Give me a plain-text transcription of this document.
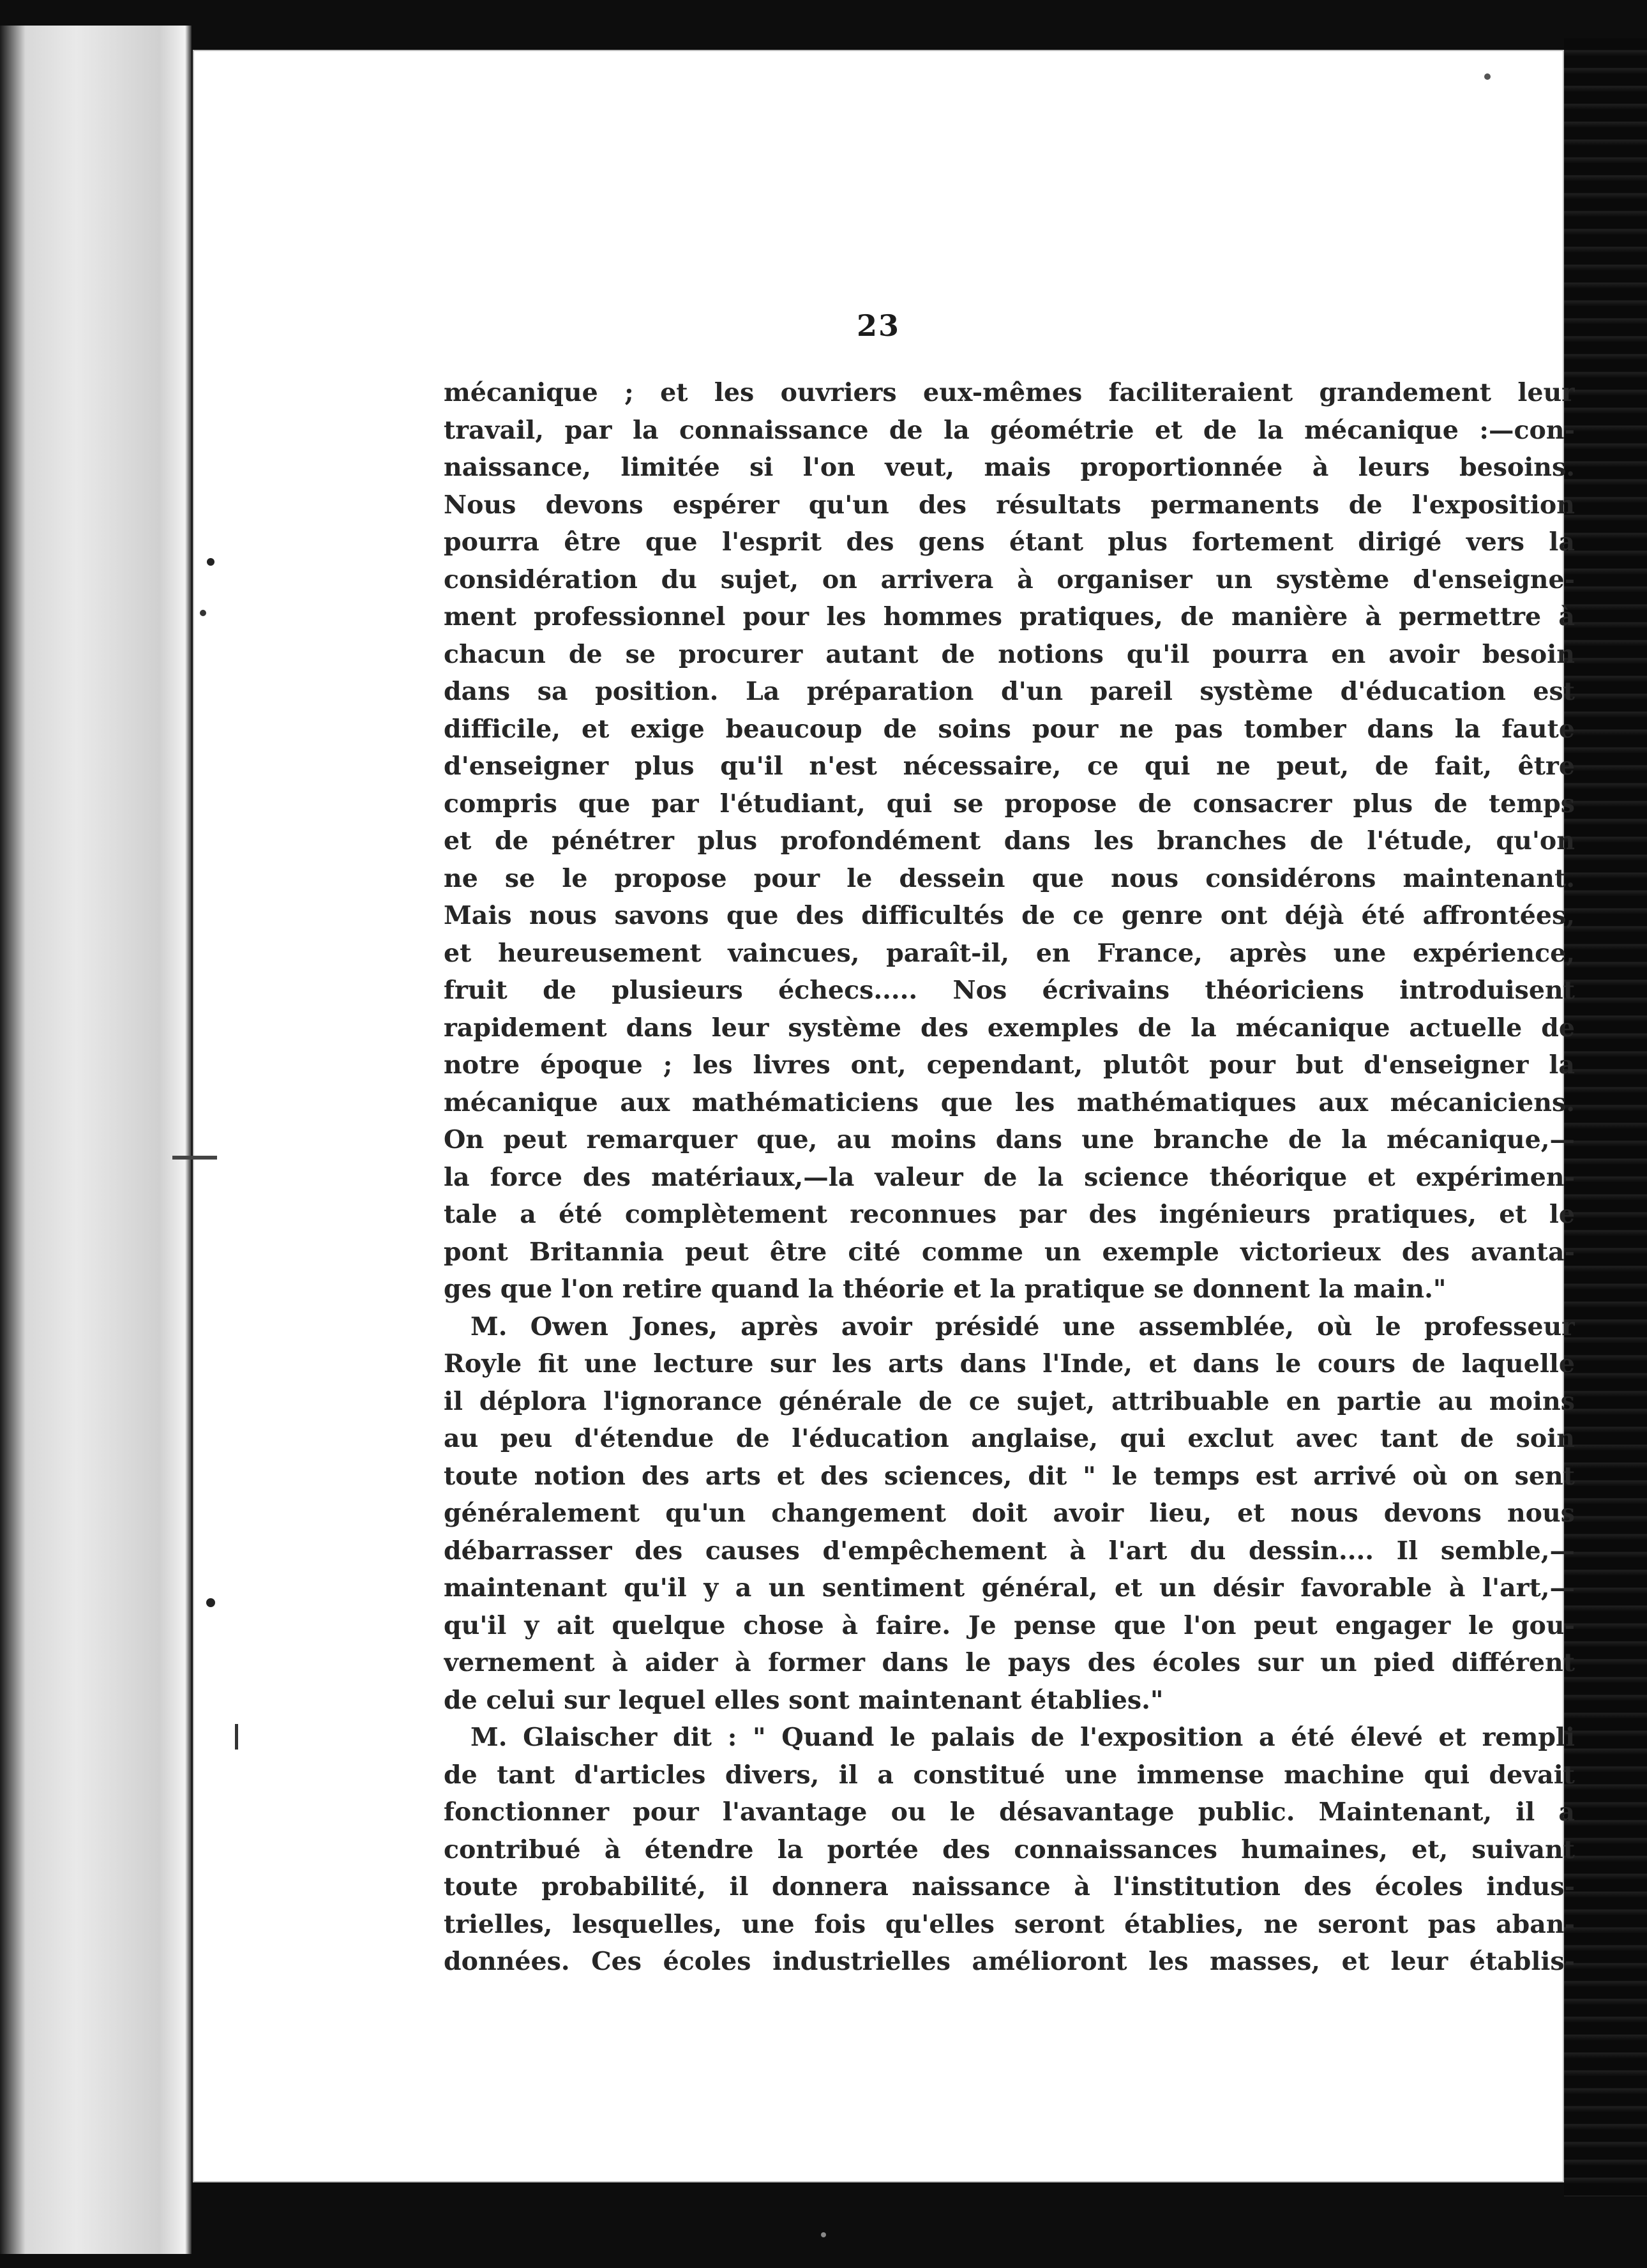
23
mécanique ; et les ouvriers eux-mêmes faciliteraient grandement leur
travail, par la connaissance de la géométrie et de la mécanique :—con-
naissance, limitée si l'on veut, mais proportionnée à leurs besoins.
Nous devons espérer qu'un des résultats permanents de l'exposition
pourra être que l'esprit des gens étant plus fortement dirigé vers la
considération du sujet, on arrivera à organiser un système d'enseigne-
ment professionnel pour les hommes pratiques, de manière à permettre à
chacun de se procurer autant de notions qu'il pourra en avoir besoin
dans sa position. La préparation d'un pareil système d'éducation est
difficile, et exige beaucoup de soins pour ne pas tomber dans la faute
d'enseigner plus qu'il n'est nécessaire, ce qui ne peut, de fait, être
compris que par l'étudiant, qui se propose de consacrer plus de temps
et de pénétrer plus profondément dans les branches de l'étude, qu'on
ne se le propose pour le dessein que nous considérons maintenant.
Mais nous savons que des difficultés de ce genre ont déjà été affrontées,
et heureusement vaincues, paraît-il, en France, après une expérience,
fruit de plusieurs échecs..... Nos écrivains théoriciens introduisent
rapidement dans leur système des exemples de la mécanique actuelle de
notre époque ; les livres ont, cependant, plutôt pour but d'enseigner la
mécanique aux mathématiciens que les mathématiques aux mécaniciens.
On peut remarquer que, au moins dans une branche de la mécanique,—
la force des matériaux,—la valeur de la science théorique et expérimen-
tale a été complètement reconnues par des ingénieurs pratiques, et le
pont Britannia peut être cité comme un exemple victorieux des avanta-
ges que l'on retire quand la théorie et la pratique se donnent la main."
M. Owen Jones, après avoir présidé une assemblée, où le professeur
Royle fit une lecture sur les arts dans l'Inde, et dans le cours de laquelle
il déplora l'ignorance générale de ce sujet, attribuable en partie au moins
au peu d'étendue de l'éducation anglaise, qui exclut avec tant de soin
toute notion des arts et des sciences, dit " le temps est arrivé où on sent
généralement qu'un changement doit avoir lieu, et nous devons nous
débarrasser des causes d'empêchement à l'art du dessin.... Il semble,—
maintenant qu'il y a un sentiment général, et un désir favorable à l'art,—
qu'il y ait quelque chose à faire. Je pense que l'on peut engager le gou-
vernement à aider à former dans le pays des écoles sur un pied différent
de celui sur lequel elles sont maintenant établies."
M. Glaischer dit : " Quand le palais de l'exposition a été élevé et rempli
de tant d'articles divers, il a constitué une immense machine qui devait
fonctionner pour l'avantage ou le désavantage public. Maintenant, il a
contribué à étendre la portée des connaissances humaines, et, suivant
toute probabilité, il donnera naissance à l'institution des écoles indus-
trielles, lesquelles, une fois qu'elles seront établies, ne seront pas aban-
données. Ces écoles industrielles amélioront les masses, et leur établis-
